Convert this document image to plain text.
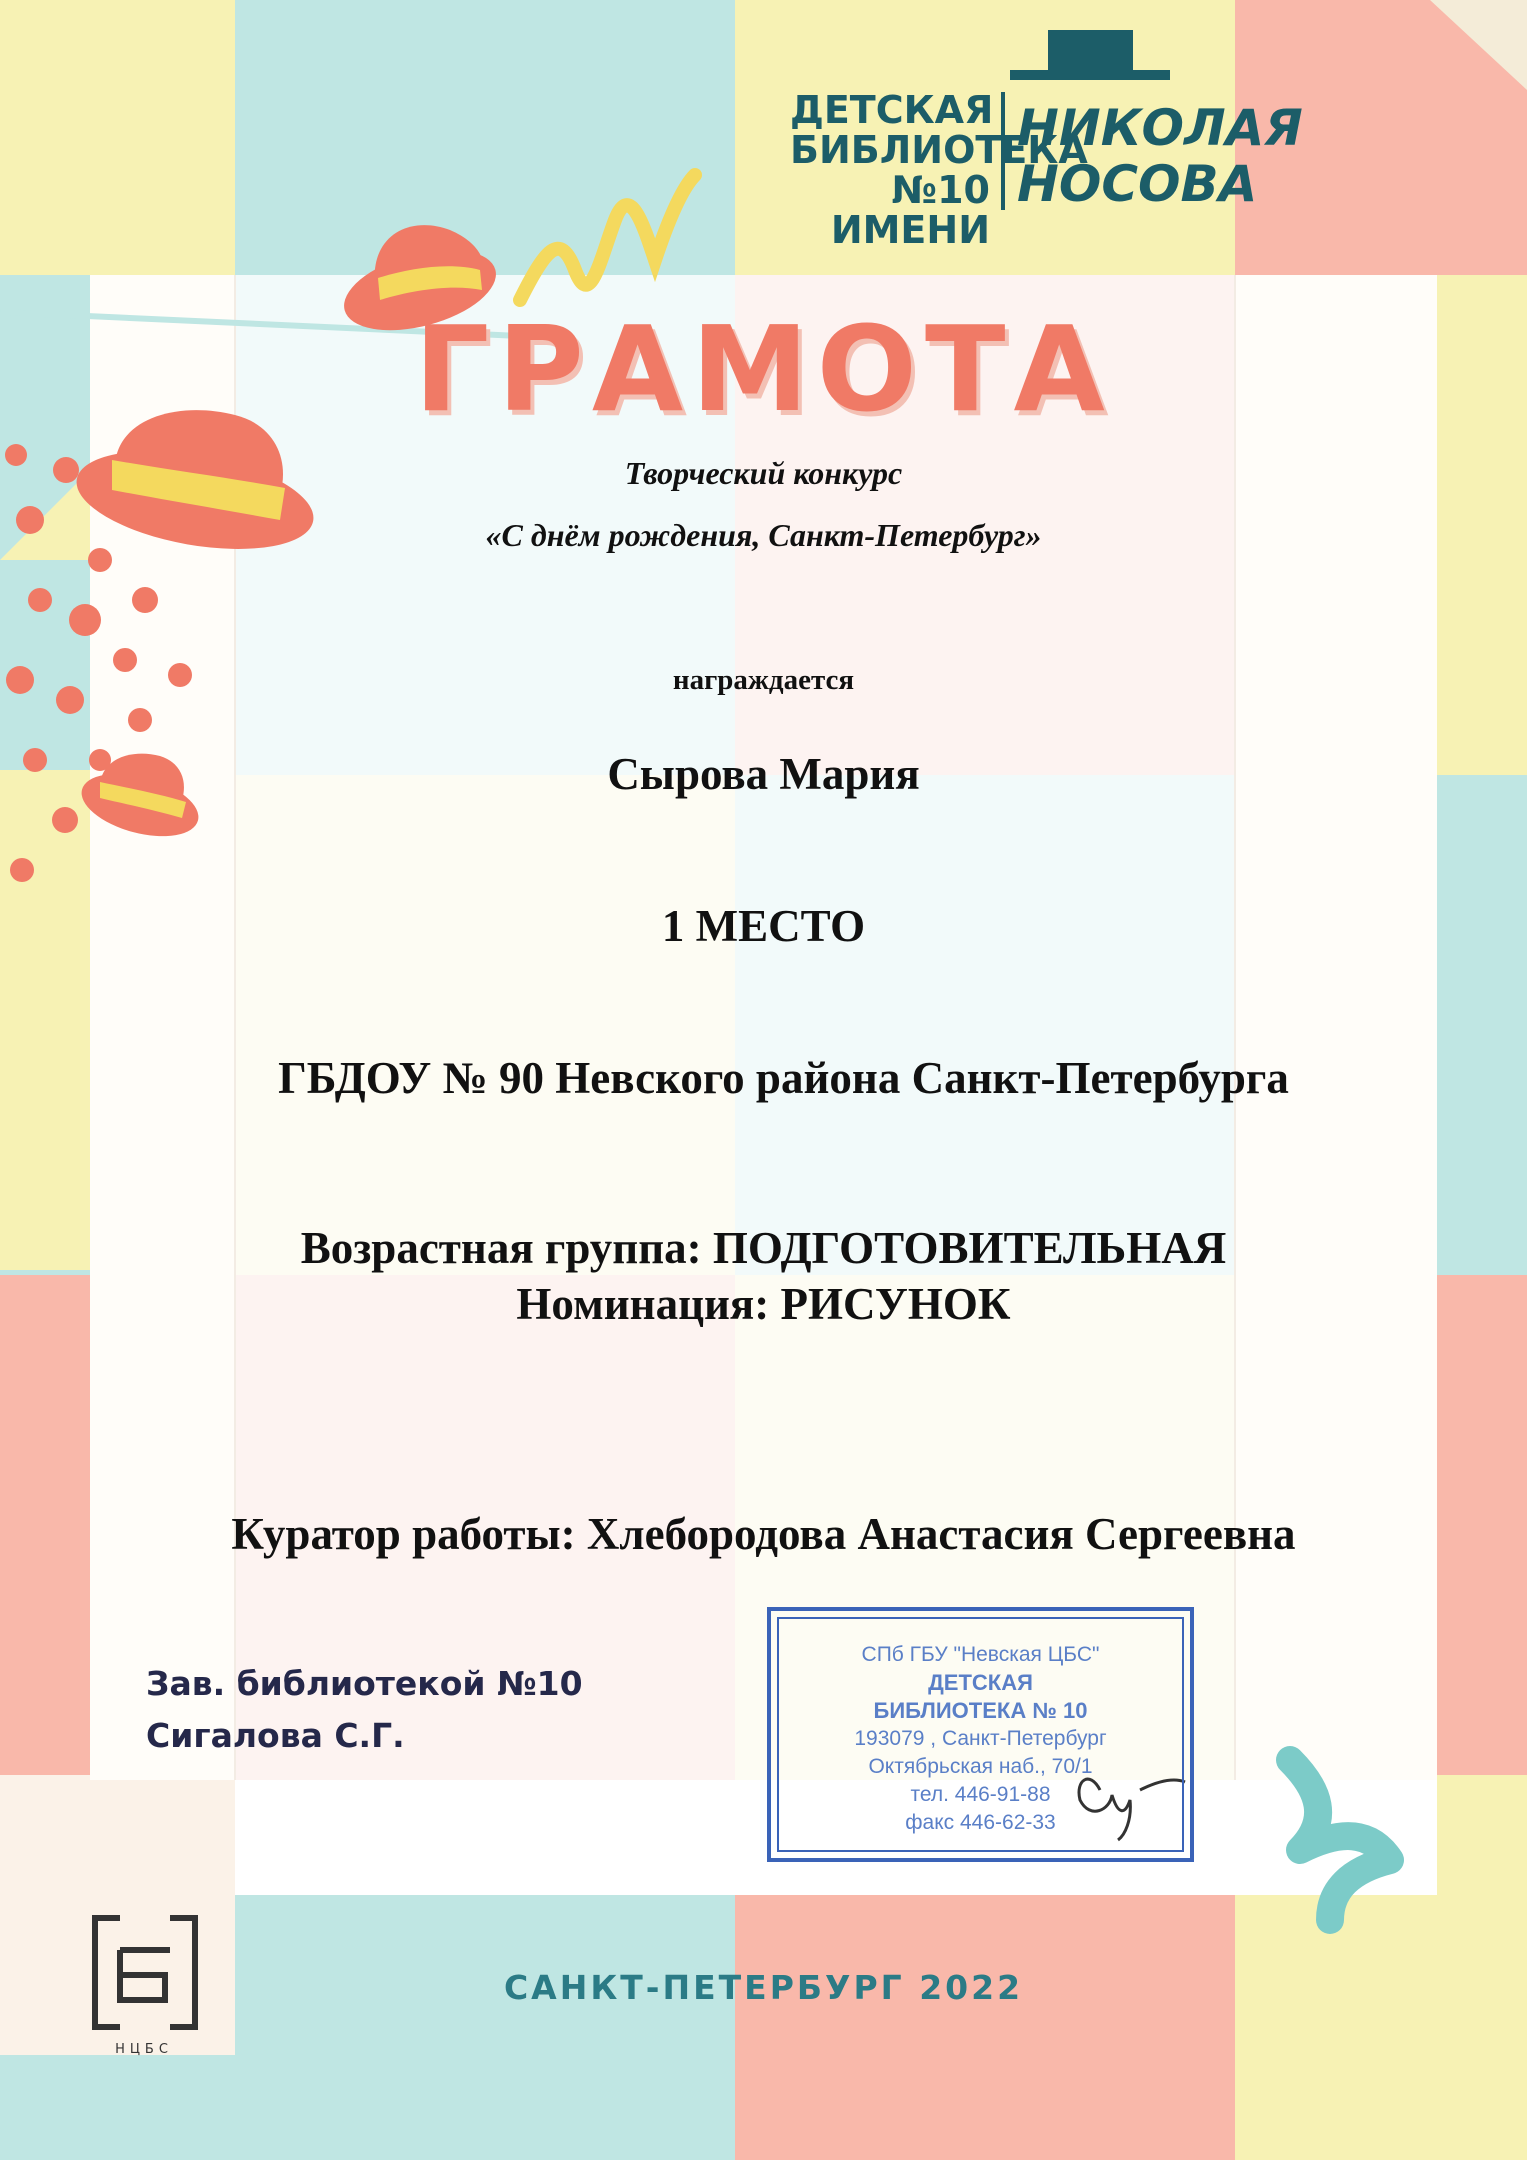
ДЕТСКАЯ
БИБЛИОТЕКА
№10 ИМЕНИ
НИКОЛАЯ
НОСОВА
ГРАМОТА

Творческий конкурс

«С днём рождения, Санкт-Петербург»

награждается

Сырова Мария

1 МЕСТО

ГБДОУ № 90 Невского района Санкт-Петербурга

Возрастная группа: ПОДГОТОВИТЕЛЬНАЯ

Номинация: РИСУНОК

Куратор работы: Хлебородова Анастасия Сергеевна

Зав. библиотекой №10
Сигалова С.Г.
СПб ГБУ "Невская ЦБС"
ДЕТСКАЯ
БИБЛИОТЕКА № 10
193079 , Санкт-Петербург
Октябрьская наб., 70/1
тел. 446-91-88
факс 446-62-33
НЦБС
САНКТ-ПЕТЕРБУРГ 2022
